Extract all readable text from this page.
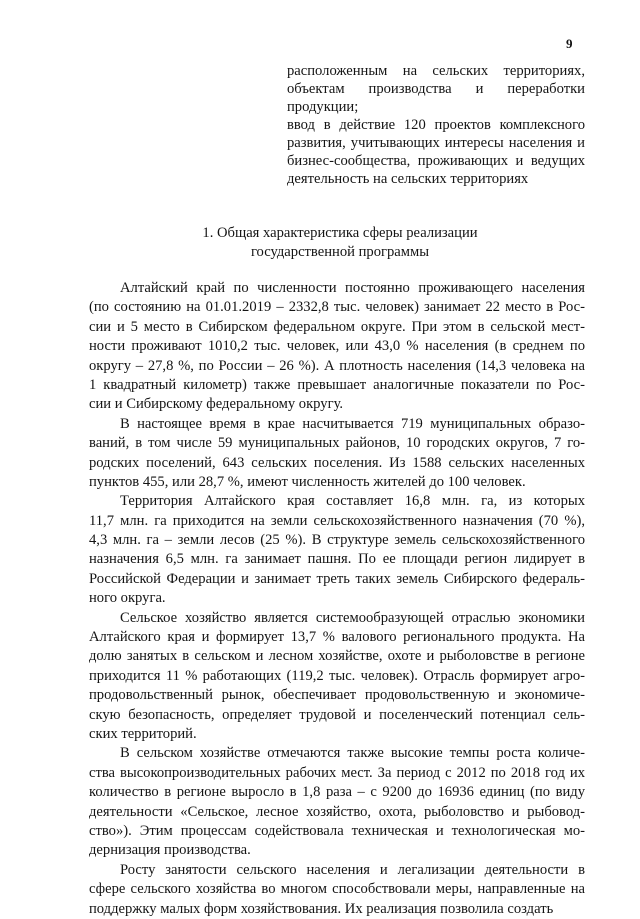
9

расположенным на сельских территориях, объектам производства и переработки продукции;

ввод в действие 120 проектов комплексного развития, учитывающих интересы населения и бизнес-сообщества, проживающих и ведущих деятельность на сельских территориях

1. Общая характеристика сферы реализации
государственной программы
Алтайский край по численности постоянно проживающего населения
(по состоянию на 01.01.2019 – 2332,8 тыс. человек) занимает 22 место в Рос-
сии и 5 место в Сибирском федеральном округе. При этом в сельской мест-
ности проживают 1010,2 тыс. человек, или 43,0 % населения (в среднем по
округу – 27,8 %, по России – 26 %). А плотность населения (14,3 человека на
1 квадратный километр) также превышает аналогичные показатели по Рос-
сии и Сибирскому федеральному округу.
В настоящее время в крае насчитывается 719 муниципальных образо-
ваний, в том числе 59 муниципальных районов, 10 городских округов, 7 го-
родских поселений, 643 сельских поселения. Из 1588 сельских населенных
пунктов 455, или 28,7 %, имеют численность жителей до 100 человек.
Территория Алтайского края составляет 16,8 млн. га, из которых
11,7 млн. га приходится на земли сельскохозяйственного назначения (70 %),
4,3 млн. га – земли лесов (25 %). В структуре земель сельскохозяйственного
назначения 6,5 млн. га занимает пашня. По ее площади регион лидирует в
Российской Федерации и занимает треть таких земель Сибирского федераль-
ного округа.
Сельское хозяйство является системообразующей отраслью экономики
Алтайского края и формирует 13,7 % валового регионального продукта. На
долю занятых в сельском и лесном хозяйстве, охоте и рыболовстве в регионе
приходится 11 % работающих (119,2 тыс. человек). Отрасль формирует агро-
продовольственный рынок, обеспечивает продовольственную и экономиче-
скую безопасность, определяет трудовой и поселенческий потенциал сель-
ских территорий.
В сельском хозяйстве отмечаются также высокие темпы роста количе-
ства высокопроизводительных рабочих мест. За период с 2012 по 2018 год их
количество в регионе выросло в 1,8 раза – с 9200 до 16936 единиц (по виду
деятельности «Сельское, лесное хозяйство, охота, рыболовство и рыбовод-
ство»). Этим процессам содействовала техническая и технологическая мо-
дернизация производства.
Росту занятости сельского населения и легализации деятельности в
сфере сельского хозяйства во многом способствовали меры, направленные на
поддержку малых форм хозяйствования. Их реализация позволила создать
